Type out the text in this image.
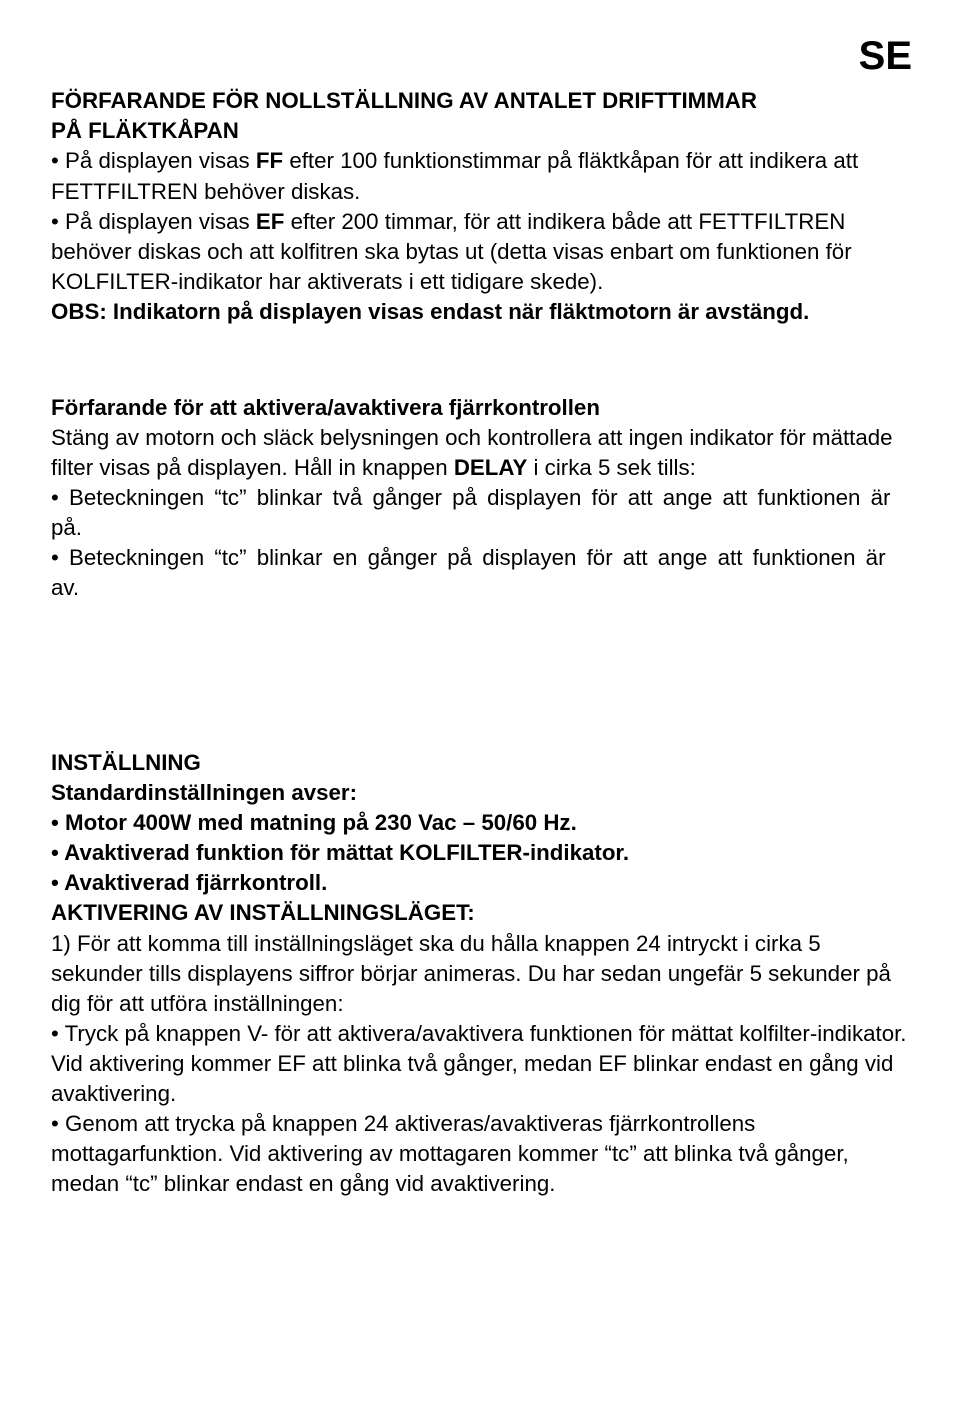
SE

FÖRFARANDE FÖR NOLLSTÄLLNING AV ANTALET DRIFTTIMMAR

PÅ FLÄKTKÅPAN

• På displayen visas FF efter 100 funktionstimmar på fläktkåpan för att indikera att FETTFILTREN behöver diskas.

• På displayen visas EF efter 200 timmar, för att indikera både att FETTFILTREN behöver diskas och att kolfitren ska bytas ut (detta visas enbart om funktionen för KOLFILTER-indikator har aktiverats i ett tidigare skede).

OBS: Indikatorn på displayen visas endast när fläktmotorn är avstängd.

Förfarande för att aktivera/avaktivera fjärrkontrollen

Stäng av motorn och släck belysningen och kontrollera att ingen indikator för mättade filter visas på displayen. Håll in knappen DELAY i cirka 5 sek tills:

• Beteckningen “tc” blinkar två gånger på displayen för att ange att funktionen är på.

• Beteckningen “tc” blinkar en gånger på displayen för att ange att funktionen är av.

INSTÄLLNING

Standardinställningen avser:

• Motor 400W med matning på 230 Vac – 50/60 Hz.

• Avaktiverad funktion för mättat KOLFILTER-indikator.

• Avaktiverad fjärrkontroll.

AKTIVERING AV INSTÄLLNINGSLÄGET:

1) För att komma till inställningsläget ska du hålla knappen 24 intryckt i cirka 5 sekunder tills displayens siffror börjar animeras. Du har sedan ungefär 5 sekunder på dig för att utföra inställningen:

• Tryck på knappen V- för att aktivera/avaktivera funktionen för mättat kolfilter-indikator. Vid aktivering kommer EF att blinka två gånger, medan EF blinkar endast en gång vid avaktivering.

• Genom att trycka på knappen 24 aktiveras/avaktiveras fjärrkontrollens mottagarfunktion. Vid aktivering av mottagaren kommer “tc” att blinka två gånger, medan “tc” blinkar endast en gång vid avaktivering.
